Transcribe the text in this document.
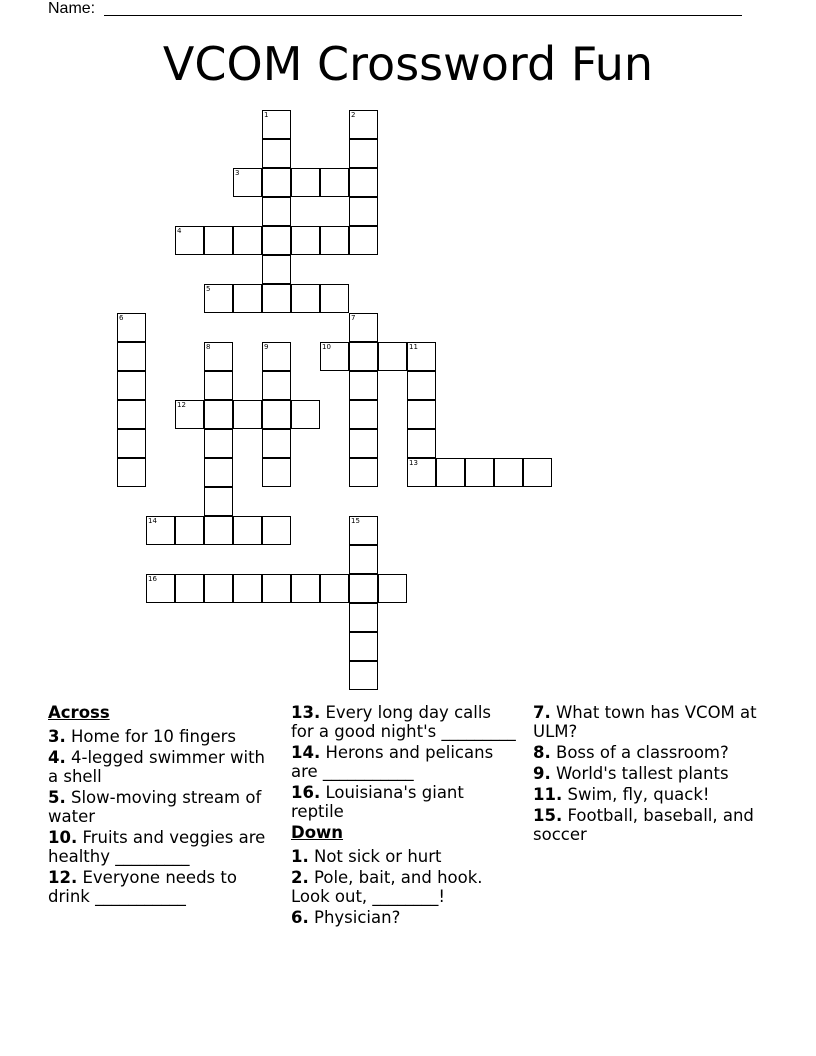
Name:
VCOM Crossword Fun
1	2
3
4
5
6	7
8	9	10	11
13
12
14	15
16
Across
3. Home for 10 fingers
4. 4-legged swimmer with a shell
5. Slow-moving stream of water
10. Fruits and veggies are healthy _________
12. Everyone needs to drink ___________
13. Every long day calls for a good night's _________
14. Herons and pelicans are ___________
16. Louisiana's giant reptile
Down
1. Not sick or hurt
2. Pole, bait, and hook. Look out, ________!
6. Physician?
7. What town has VCOM at ULM?
8. Boss of a classroom?
9. World's tallest plants
11. Swim, fly, quack!
15. Football, baseball, and soccer
